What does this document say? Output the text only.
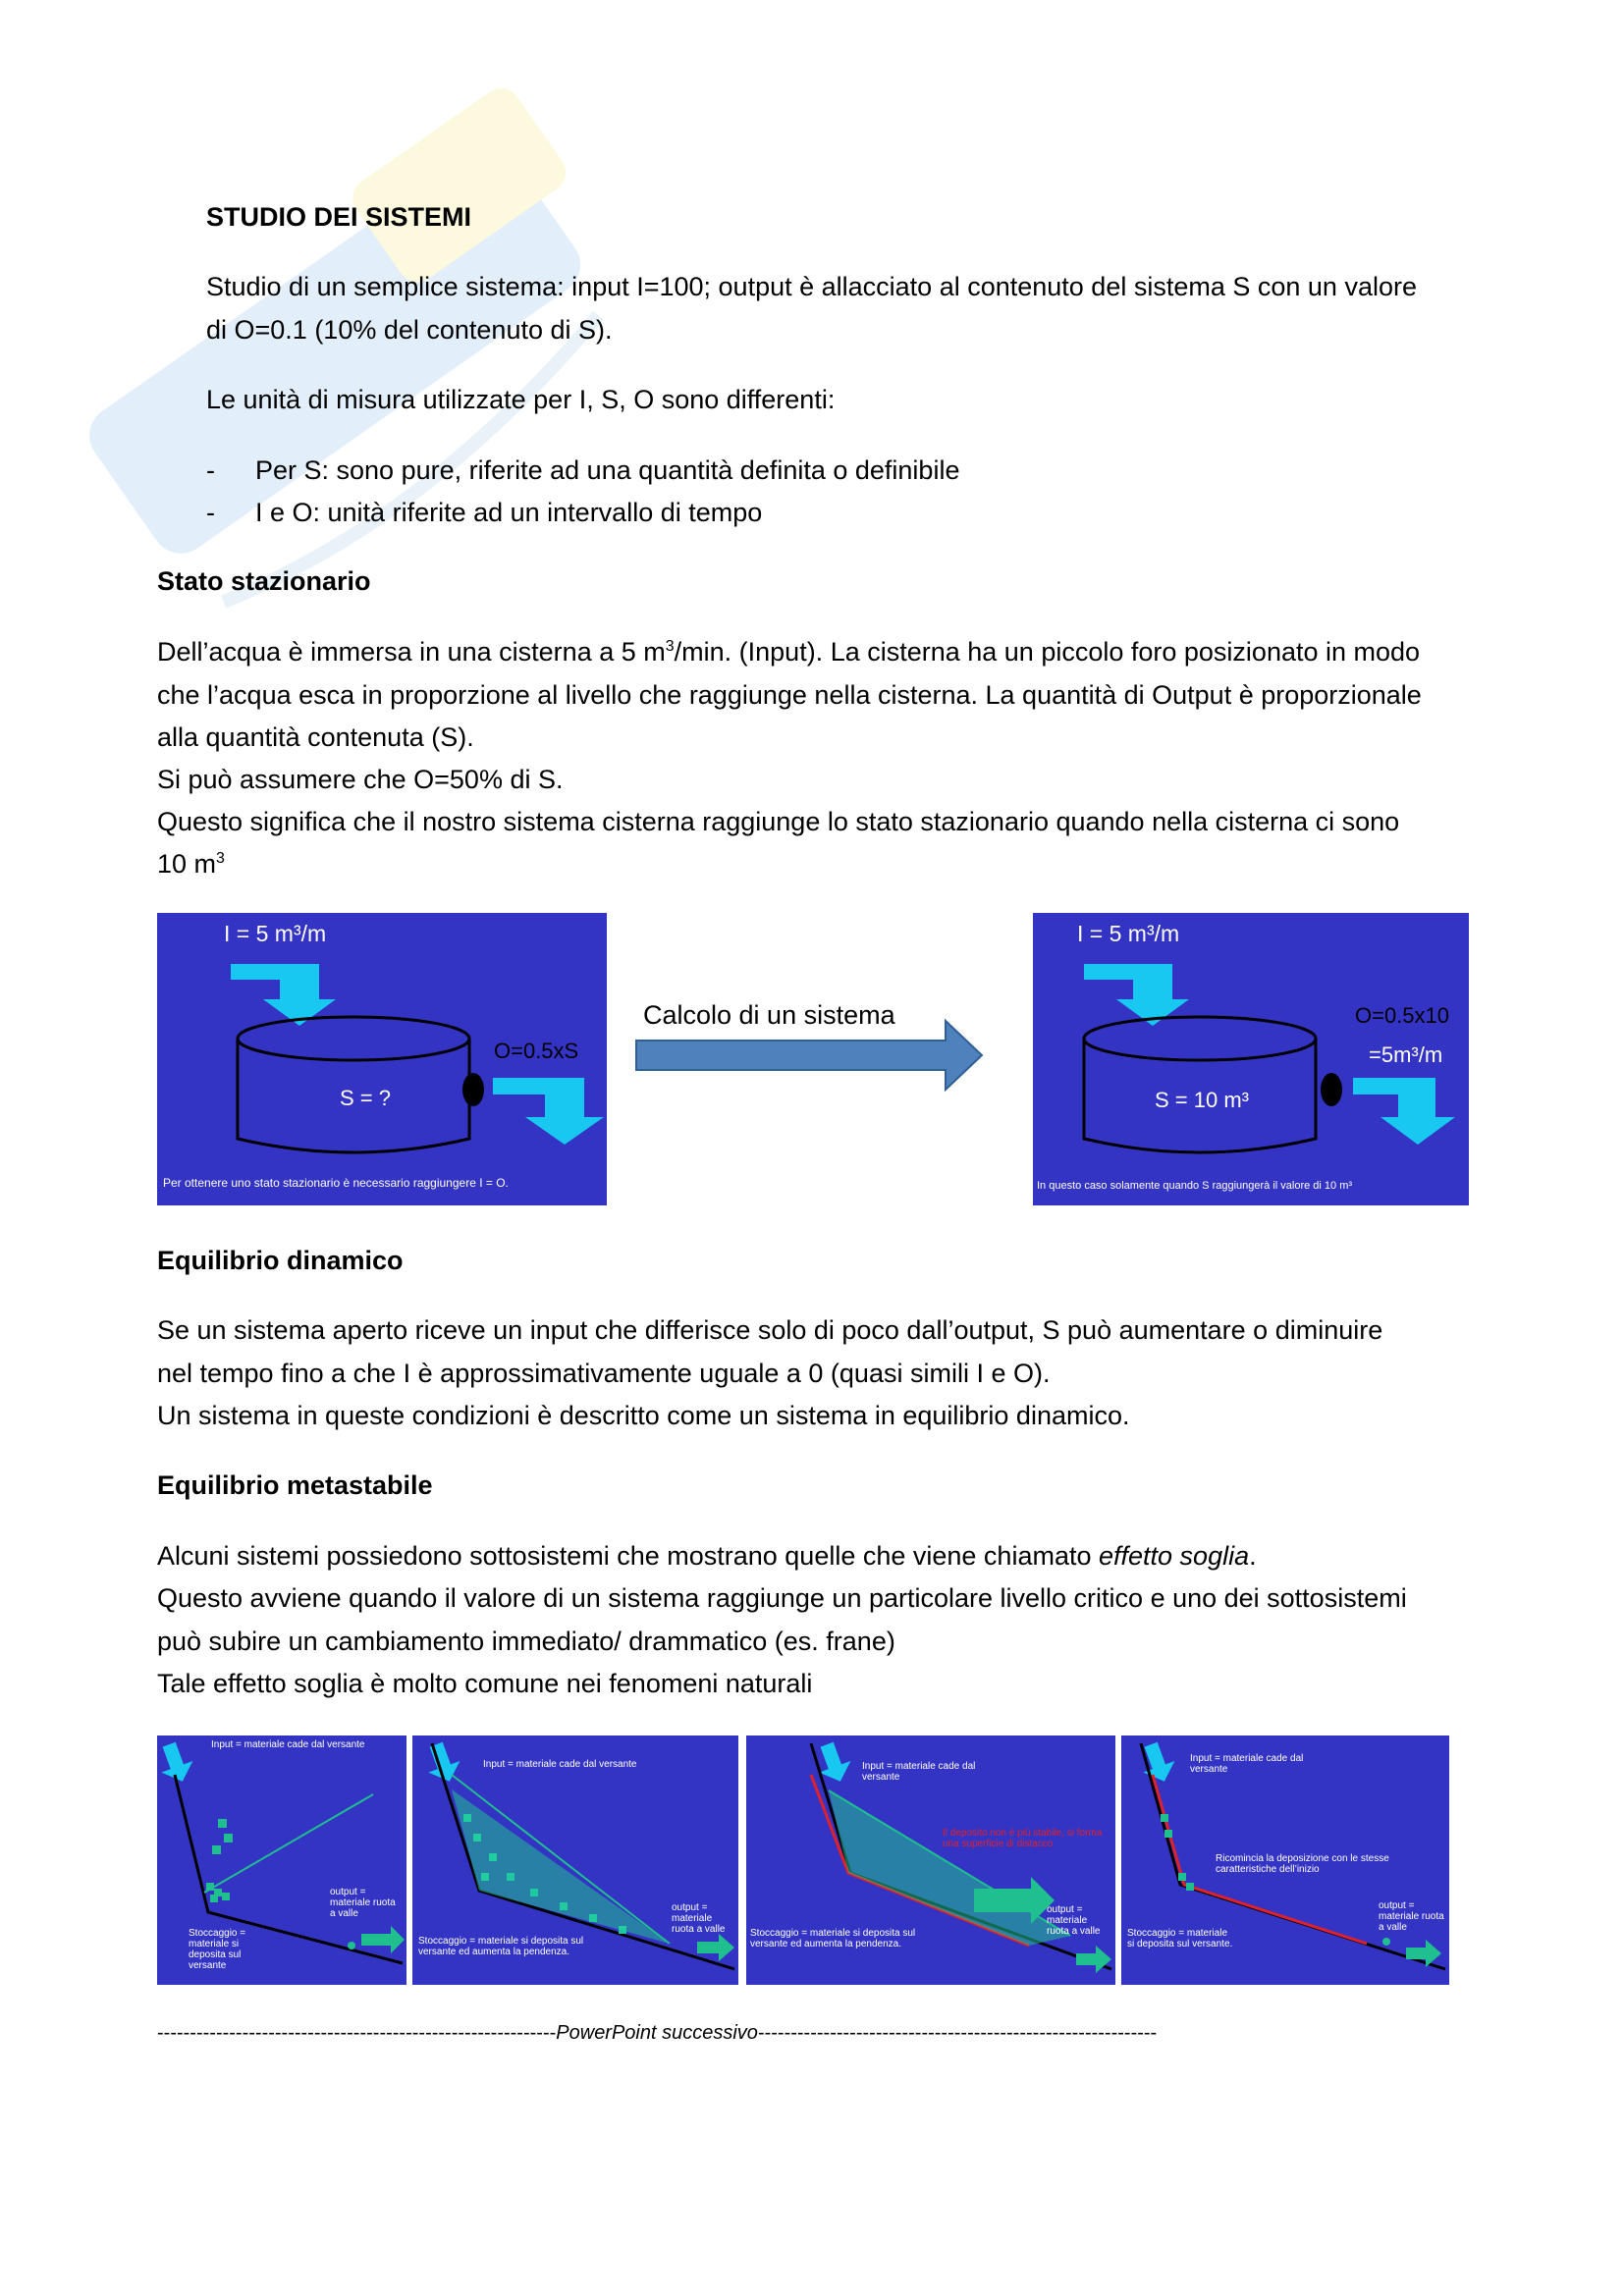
STUDIO DEI SISTEMI
Studio di un semplice sistema: input I=100; output è allacciato al contenuto del sistema S con un valore
di O=0.1 (10% del contenuto di S).
Le unità di misura utilizzate per I, S, O sono differenti:
- Per S: sono pure, riferite ad una quantità definita o definibile
- I e O: unità riferite ad un intervallo di tempo
Stato stazionario
Dell’acqua è immersa in una cisterna a 5 $m^3/\min$. (Input). La cisterna ha un piccolo foro posizionato in modo
che l’acqua esca in proporzione al livello che raggiunge nella cisterna. La quantità di Output è proporzionale
alla quantità contenuta (S).
Si può assumere che O=50% di S.
Questo significa che il nostro sistema cisterna raggiunge lo stato stazionario quando nella cisterna ci sono
10 $m^3$
I = 5 m³/m
O=0.5xS
S = ?
Per ottenere uno stato stazionario è necessario raggiungere I = O.
Calcolo di un sistema
I = 5 m³/m
O=0.5x10
=5m³/m
S = 10 m³
In questo caso solamente quando S raggiungerà il valore di 10 m³
Equilibrio dinamico
Se un sistema aperto riceve un input che differisce solo di poco dall’output, S può aumentare o diminuire
nel tempo fino a che I è approssimativamente uguale a 0 (quasi simili I e O).
Un sistema in queste condizioni è descritto come un sistema in equilibrio dinamico.
Equilibrio metastabile
Alcuni sistemi possiedono sottosistemi che mostrano quelle che viene chiamato effetto soglia.
Questo avviene quando il valore di un sistema raggiunge un particolare livello critico e uno dei sottosistemi
può subire un cambiamento immediato/ drammatico (es. frane)
Tale effetto soglia è molto comune nei fenomeni naturali
Input = materiale cade dal versante
output = materiale ruota a valle
Stoccaggio = materiale si deposita sul versante
Input = materiale cade dal versante
output = materiale ruota a valle
Stoccaggio = materiale si deposita sul versante ed aumenta la pendenza.
Input = materiale cade dal versante
Il deposito non è più stabile, si forma una superficie di distacco
output = materiale ruota a valle
Stoccaggio = materiale si deposita sul versante ed aumenta la pendenza.
Input = materiale cade dal versante
Ricomincia la deposizione con le stesse caratteristiche dell’inizio
output = materiale ruota a valle
Stoccaggio = materiale si deposita sul versante.
-------------------------------------------------------------PowerPoint successivo-------------------------------------------------------------
